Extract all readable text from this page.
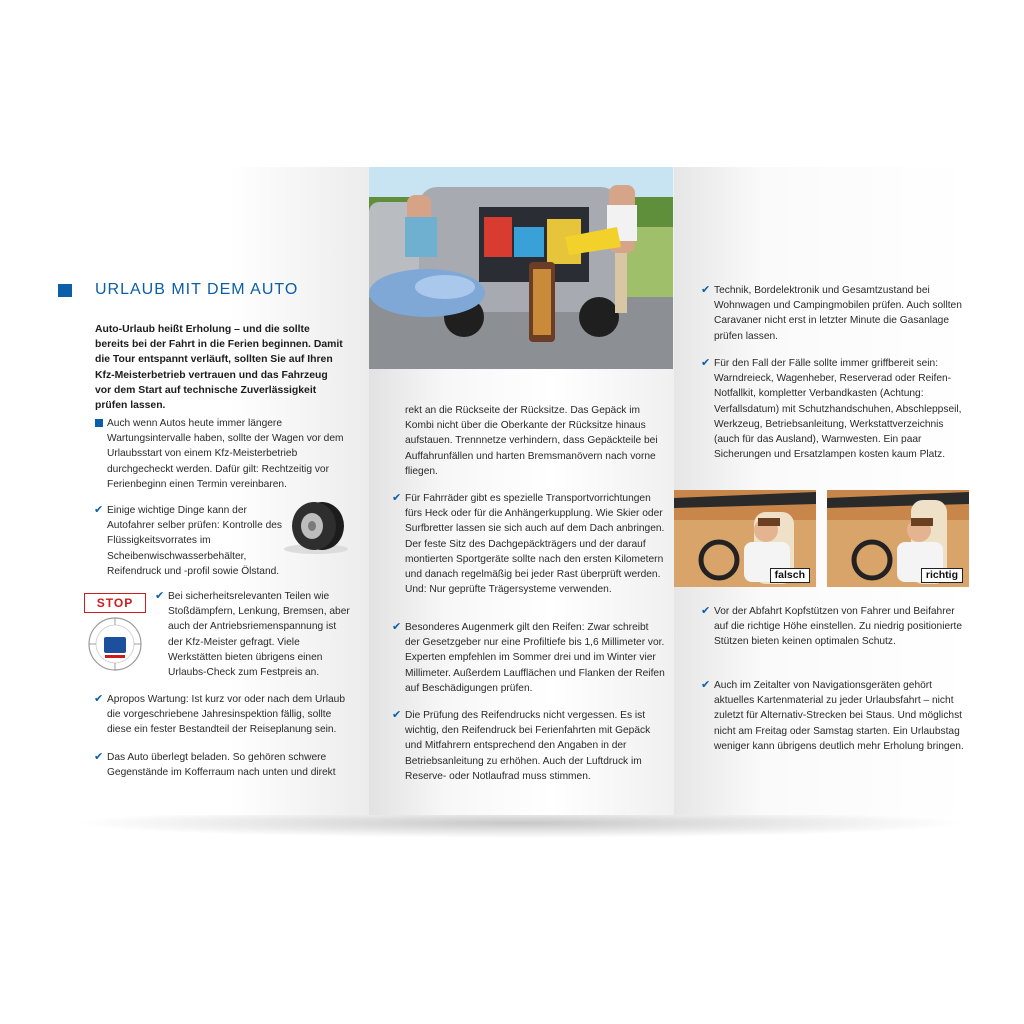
URLAUB MIT DEM AUTO
Auto-Urlaub heißt Erholung – und die sollte bereits bei der Fahrt in die Ferien beginnen. Damit die Tour entspannt verläuft, sollten Sie auf Ihren Kfz-Meisterbetrieb vertrauen und das Fahrzeug vor dem Start auf technische Zuverlässigkeit prüfen lassen.
Auch wenn Autos heute immer längere Wartungsintervalle haben, sollte der Wagen vor dem Urlaubsstart von einem Kfz-Meisterbetrieb durchgecheckt werden. Dafür gilt: Rechtzeitig vor Ferienbeginn einen Termin vereinbaren.
✔ Einige wichtige Dinge kann der Autofahrer selber prüfen: Kontrolle des Flüssigkeitsvorrates im Scheibenwischwasserbehälter, Reifendruck und -profil sowie Ölstand.
✔ Bei sicherheitsrelevanten Teilen wie Stoßdämpfern, Lenkung, Bremsen, aber auch der Antriebsriemenspannung ist der Kfz-Meister gefragt. Viele Werkstätten bieten übrigens einen Urlaubs-Check zum Festpreis an.
STOP
✔ Apropos Wartung: Ist kurz vor oder nach dem Urlaub die vorgeschriebene Jahresinspektion fällig, sollte diese ein fester Bestandteil der Reiseplanung sein.
✔ Das Auto überlegt beladen. So gehören schwere Gegenstände im Kofferraum nach unten und direkt
rekt an die Rückseite der Rücksitze. Das Gepäck im Kombi nicht über die Oberkante der Rücksitze hinaus aufstauen. Trennnetze verhindern, dass Gepäckteile bei Auffahrunfällen und harten Bremsmanövern nach vorne fliegen.
✔ Für Fahrräder gibt es spezielle Transportvorrichtungen fürs Heck oder für die Anhängerkupplung. Wie Skier oder Surfbretter lassen sie sich auch auf dem Dach anbringen. Der feste Sitz des Dachgepäckträgers und der darauf montierten Sportgeräte sollte nach den ersten Kilometern und danach regelmäßig bei jeder Rast überprüft werden. Und: Nur geprüfte Trägersysteme verwenden.
✔ Besonderes Augenmerk gilt den Reifen: Zwar schreibt der Gesetzgeber nur eine Profiltiefe bis 1,6 Millimeter vor. Experten empfehlen im Sommer drei und im Winter vier Millimeter. Außerdem Laufflächen und Flanken der Reifen auf Beschädigungen prüfen.
✔ Die Prüfung des Reifendrucks nicht vergessen. Es ist wichtig, den Reifendruck bei Ferienfahrten mit Gepäck und Mitfahrern entsprechend den Angaben in der Betriebsanleitung zu erhöhen. Auch der Luftdruck im Reserve- oder Notlaufrad muss stimmen.
✔ Technik, Bordelektronik und Gesamtzustand bei Wohnwagen und Campingmobilen prüfen. Auch sollten Caravaner nicht erst in letzter Minute die Gasanlage prüfen lassen.
✔ Für den Fall der Fälle sollte immer griffbereit sein: Warndreieck, Wagenheber, Reserverad oder Reifen-Notfallkit, kompletter Verbandkasten (Achtung: Verfallsdatum) mit Schutzhandschuhen, Abschleppseil, Werkzeug, Betriebsanleitung, Werkstattverzeichnis (auch für das Ausland), Warnwesten. Ein paar Sicherungen und Ersatzlampen kosten kaum Platz.
falsch	richtig
✔ Vor der Abfahrt Kopfstützen von Fahrer und Beifahrer auf die richtige Höhe einstellen. Zu niedrig positionierte Stützen bieten keinen optimalen Schutz.
✔ Auch im Zeitalter von Navigationsgeräten gehört aktuelles Kartenmaterial zu jeder Urlaubsfahrt – nicht zuletzt für Alternativ-Strecken bei Staus. Und möglichst nicht am Freitag oder Samstag starten. Ein Urlaubstag weniger kann übrigens deutlich mehr Erholung bringen.
